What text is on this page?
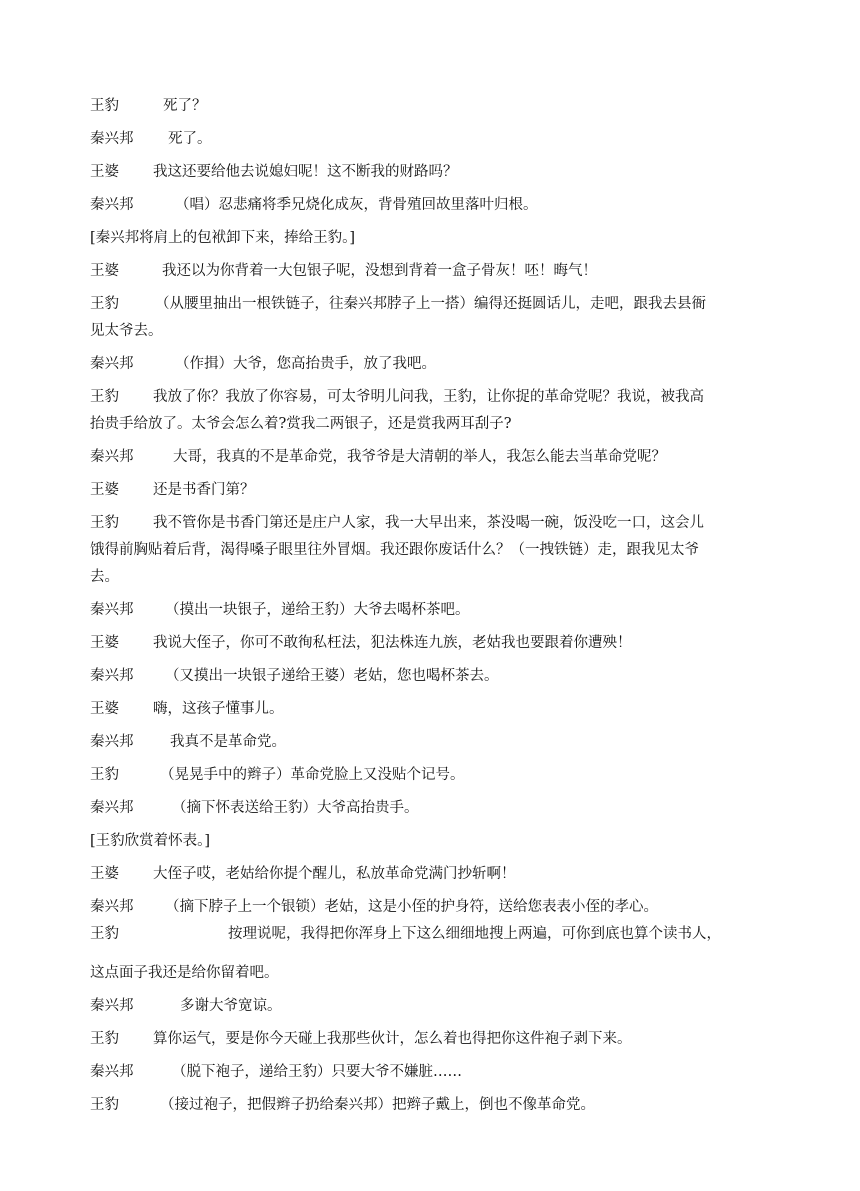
王豹	死了？
秦兴邦 死了。
王婆 我这还要给他去说媳妇呢！这不断我的财路吗？
秦兴邦	（唱）忍悲痛将季兄烧化成灰，背骨殖回故里落叶归根。
[秦兴邦将肩上的包袱卸下来，捧给王豹。]
王婆	我还以为你背着一大包银子呢，没想到背着一盒子骨灰！呸！晦气！
王豹 （从腰里抽出一根铁链子，往秦兴邦脖子上一搭）编得还挺圆话儿，走吧，跟我去县衙
见太爷去。
秦兴邦	（作揖）大爷，您高抬贵手，放了我吧。
王豹 我放了你？我放了你容易，可太爷明儿问我，王豹，让你捉的革命党呢？我说，被我高
抬贵手给放了。太爷会怎么着?赏我二两银子，还是赏我两耳刮子?
秦兴邦	大哥，我真的不是革命党，我爷爷是大清朝的举人，我怎么能去当革命党呢？
王婆 还是书香门第？
王豹 我不管你是书香门第还是庄户人家，我一大早出来，茶没喝一碗，饭没吃一口，这会儿
饿得前胸贴着后背，渴得嗓子眼里往外冒烟。我还跟你废话什么？（一拽铁链）走，跟我见太爷
去。
秦兴邦 （摸出一块银子，递给王豹）大爷去喝杯茶吧。
王婆 我说大侄子，你可不敢徇私枉法，犯法株连九族，老姑我也要跟着你遭殃！
秦兴邦 （又摸出一块银子递给王婆）老姑，您也喝杯茶去。
王婆 嗨，这孩子懂事儿。
秦兴邦	我真不是革命党。
王豹	（晃晃手中的辫子）革命党脸上又没贴个记号。
秦兴邦	（摘下怀表送给王豹）大爷高抬贵手。
[王豹欣赏着怀表。]
王婆 大侄子哎，老姑给你提个醒儿，私放革命党满门抄斩啊！
秦兴邦 （摘下脖子上一个银锁）老姑，这是小侄的护身符，送给您表表小侄的孝心。
王豹	按理说呢，我得把你浑身上下这么细细地搜上两遍，可你到底也算个读书人，
这点面子我还是给你留着吧。
秦兴邦	多谢大爷宽谅。
王豹 算你运气，要是你今天碰上我那些伙计，怎么着也得把你这件袍子剥下来。
秦兴邦	（脱下袍子，递给王豹）只要大爷不嫌脏……
王豹	（接过袍子，把假辫子扔给秦兴邦）把辫子戴上，倒也不像革命党。
